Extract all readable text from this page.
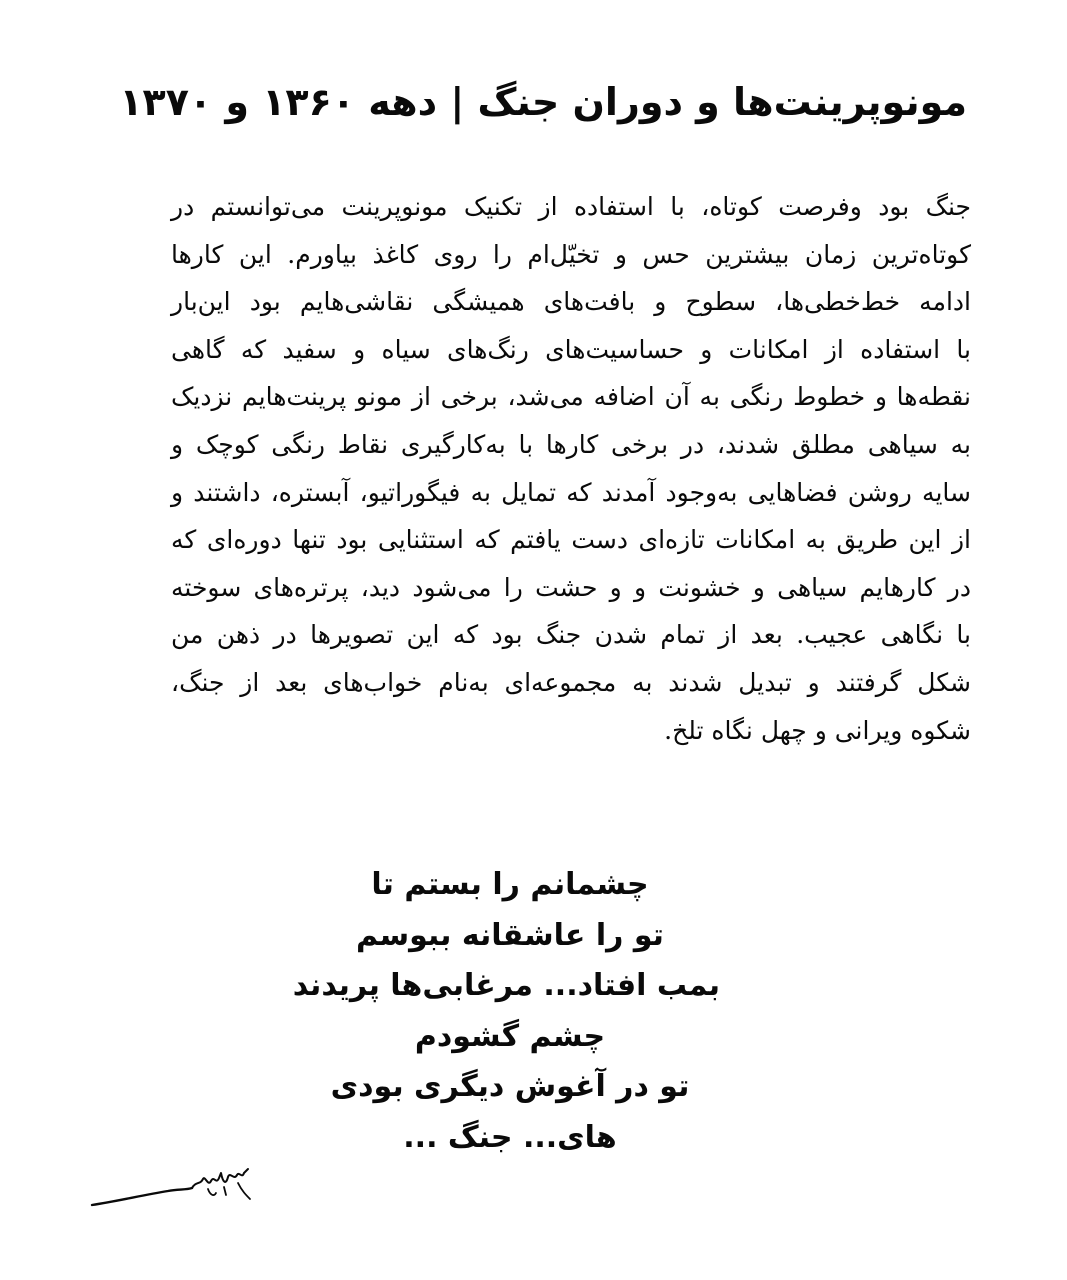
مونوپرینت‌ها و دوران جنگ | دهه ۱۳۶۰ و ۱۳۷۰
جنگ بود وفرصت کوتاه، با استفاده از تکنیک مونوپرینت می‌توانستم در
کوتاه‌ترین زمان بیشترین حس و تخیّل‌ام را روی کاغذ بیاورم. این کارها
ادامه خط‌خطی‌ها، سطوح و بافت‌های همیشگی نقاشی‌هایم بود این‌بار
با استفاده از امکانات و حساسیت‌های رنگ‌های سیاه و سفید که گاهی
نقطه‌ها و خطوط رنگی به آن اضافه می‌شد، برخی از مونو پرینت‌هایم نزدیک
به سیاهی مطلق شدند، در برخی کارها با به‌کارگیری نقاط رنگی کوچک و
سایه روشن فضاهایی به‌وجود آمدند که تمایل به فیگوراتیو، آبستره، داشتند و
از این طریق به امکانات تازه‌ای دست یافتم که استثنایی بود تنها دوره‌ای که
در کارهایم سیاهی و خشونت و و حشت را می‌شود دید، پرتره‌های سوخته
با نگاهی عجیب. بعد از تمام شدن جنگ بود که این تصویرها در ذهن من
شکل گرفتند و تبدیل شدند به مجموعه‌ای به‌نام خواب‌های بعد از جنگ،
شکوه ویرانی و چهل نگاه تلخ.
چشمانم را بستم تا
تو را عاشقانه ببوسم
بمب افتاد... مرغابی‌ها پریدند
چشم گشودم
تو در آغوش دیگری بودی
های... جنگ ...
